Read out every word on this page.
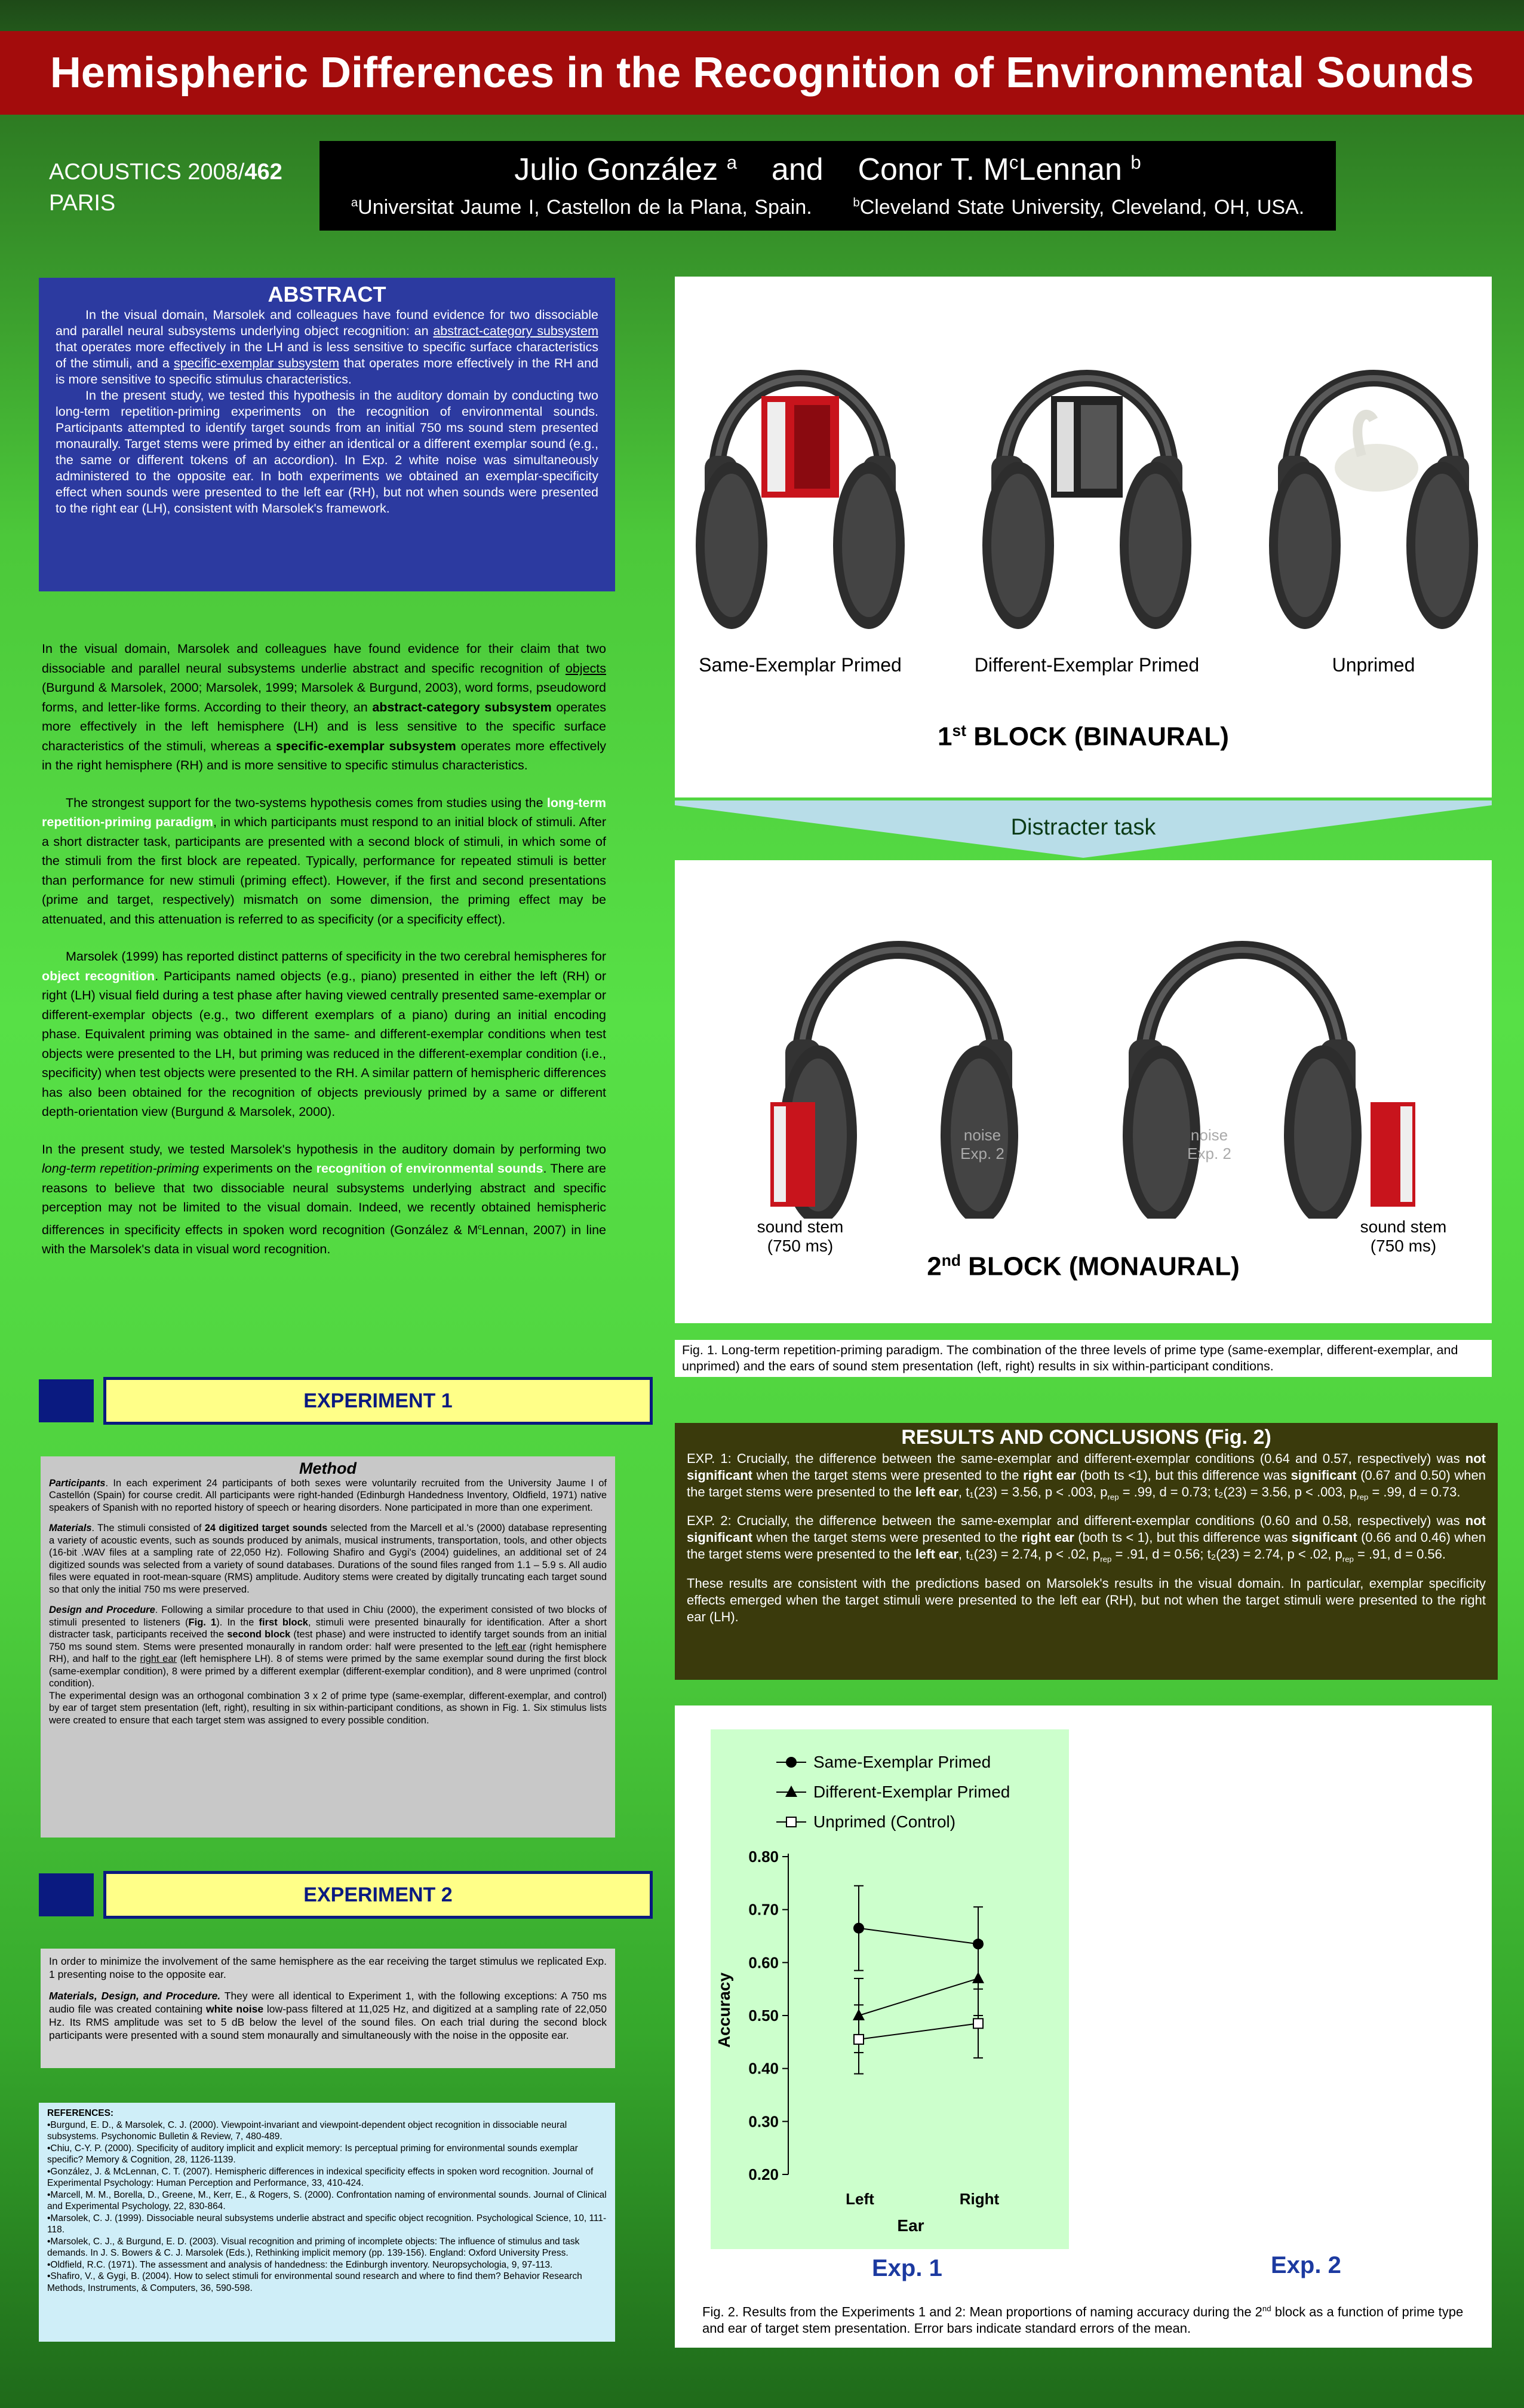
Hemispheric Differences in the Recognition of Environmental Sounds
ACOUSTICS 2008/462
PARIS
Julio González $^a$ and Conor T. $M^cLennan$ $^b$
$^a$Universitat Jaume I, Castellon de la Plana, Spain.	$^b$Cleveland State University, Cleveland, OH, USA.
ABSTRACT

In the visual domain, Marsolek and colleagues have found evidence for two dissociable and parallel neural subsystems underlying object recognition: an abstract-category subsystem that operates more effectively in the LH and is less sensitive to specific surface characteristics of the stimuli, and a specific-exemplar subsystem that operates more effectively in the RH and is more sensitive to specific stimulus characteristics.

In the present study, we tested this hypothesis in the auditory domain by conducting two long-term repetition-priming experiments on the recognition of environmental sounds. Participants attempted to identify target sounds from an initial 750 ms sound stem presented monaurally. Target stems were primed by either an identical or a different exemplar sound (e.g., the same or different tokens of an accordion). In Exp. 2 white noise was simultaneously administered to the opposite ear. In both experiments we obtained an exemplar-specificity effect when sounds were presented to the left ear (RH), but not when sounds were presented to the right ear (LH), consistent with Marsolek's framework.

In the visual domain, Marsolek and colleagues have found evidence for their claim that two dissociable and parallel neural subsystems underlie abstract and specific recognition of objects (Burgund & Marsolek, 2000; Marsolek, 1999; Marsolek & Burgund, 2003), word forms, pseudoword forms, and letter-like forms. According to their theory, an abstract-category subsystem operates more effectively in the left hemisphere (LH) and is less sensitive to the specific surface characteristics of the stimuli, whereas a specific-exemplar subsystem operates more effectively in the right hemisphere (RH) and is more sensitive to specific stimulus characteristics.

The strongest support for the two-systems hypothesis comes from studies using the long-term repetition-priming paradigm, in which participants must respond to an initial block of stimuli. After a short distracter task, participants are presented with a second block of stimuli, in which some of the stimuli from the first block are repeated. Typically, performance for repeated stimuli is better than performance for new stimuli (priming effect). However, if the first and second presentations (prime and target, respectively) mismatch on some dimension, the priming effect may be attenuated, and this attenuation is referred to as specificity (or a specificity effect).

Marsolek (1999) has reported distinct patterns of specificity in the two cerebral hemispheres for object recognition. Participants named objects (e.g., piano) presented in either the left (RH) or right (LH) visual field during a test phase after having viewed centrally presented same-exemplar or different-exemplar objects (e.g., two different exemplars of a piano) during an initial encoding phase. Equivalent priming was obtained in the same- and different-exemplar conditions when test objects were presented to the LH, but priming was reduced in the different-exemplar condition (i.e., specificity) when test objects were presented to the RH. A similar pattern of hemispheric differences has also been obtained for the recognition of objects previously primed by a same or different depth-orientation view (Burgund & Marsolek, 2000).

In the present study, we tested Marsolek's hypothesis in the auditory domain by performing two long-term repetition-priming experiments on the recognition of environmental sounds. There are reasons to believe that two dissociable neural subsystems underlying abstract and specific perception may not be limited to the visual domain. Indeed, we recently obtained hemispheric differences in specificity effects in spoken word recognition (González & $M^cLennan$, 2007) in line with the Marsolek's data in visual word recognition.

EXPERIMENT 1
Method

Participants. In each experiment 24 participants of both sexes were voluntarily recruited from the University Jaume I of Castellón (Spain) for course credit. All participants were right-handed (Edinburgh Handedness Inventory, Oldfield, 1971) native speakers of Spanish with no reported history of speech or hearing disorders. None participated in more than one experiment.

Materials. The stimuli consisted of 24 digitized target sounds selected from the Marcell et al.'s (2000) database representing a variety of acoustic events, such as sounds produced by animals, musical instruments, transportation, tools, and other objects (16-bit .WAV files at a sampling rate of 22,050 Hz). Following Shafiro and Gygi's (2004) guidelines, an additional set of 24 digitized sounds was selected from a variety of sound databases. Durations of the sound files ranged from 1.1 – 5.9 s. All audio files were equated in root-mean-square (RMS) amplitude. Auditory stems were created by digitally truncating each target sound so that only the initial 750 ms were preserved.

Design and Procedure. Following a similar procedure to that used in Chiu (2000), the experiment consisted of two blocks of stimuli presented to listeners (Fig. 1). In the first block, stimuli were presented binaurally for identification. After a short distracter task, participants received the second block (test phase) and were instructed to identify target sounds from an initial 750 ms sound stem. Stems were presented monaurally in random order: half were presented to the left ear (right hemisphere RH), and half to the right ear (left hemisphere LH). 8 of stems were primed by the same exemplar sound during the first block (same-exemplar condition), 8 were primed by a different exemplar (different-exemplar condition), and 8 were unprimed (control condition).

The experimental design was an orthogonal combination 3 x 2 of prime type (same-exemplar, different-exemplar, and control) by ear of target stem presentation (left, right), resulting in six within-participant conditions, as shown in Fig. 1. Six stimulus lists were created to ensure that each target stem was assigned to every possible condition.

EXPERIMENT 2

In order to minimize the involvement of the same hemisphere as the ear receiving the target stimulus we replicated Exp. 1 presenting noise to the opposite ear.

Materials, Design, and Procedure. They were all identical to Experiment 1, with the following exceptions: A 750 ms audio file was created containing white noise low-pass filtered at 11,025 Hz, and digitized at a sampling rate of 22,050 Hz. Its RMS amplitude was set to 5 dB below the level of the sound files. On each trial during the second block participants were presented with a sound stem monaurally and simultaneously with the noise in the opposite ear.

REFERENCES:

•Burgund, E. D., & Marsolek, C. J. (2000). Viewpoint-invariant and viewpoint-dependent object recognition in dissociable neural subsystems. Psychonomic Bulletin & Review, 7, 480-489.

•Chiu, C-Y. P. (2000). Specificity of auditory implicit and explicit memory: Is perceptual priming for environmental sounds exemplar specific? Memory & Cognition, 28, 1126-1139.

•González, J. & McLennan, C. T. (2007). Hemispheric differences in indexical specificity effects in spoken word recognition. Journal of Experimental Psychology: Human Perception and Performance, 33, 410-424.

•Marcell, M. M., Borella, D., Greene, M., Kerr, E., & Rogers, S. (2000). Confrontation naming of environmental sounds. Journal of Clinical and Experimental Psychology, 22, 830-864.

•Marsolek, C. J. (1999). Dissociable neural subsystems underlie abstract and specific object recognition. Psychological Science, 10, 111-118.

•Marsolek, C. J., & Burgund, E. D. (2003). Visual recognition and priming of incomplete objects: The influence of stimulus and task demands. In J. S. Bowers & C. J. Marsolek (Eds.), Rethinking implicit memory (pp. 139-156). England: Oxford University Press.

•Oldfield, R.C. (1971). The assessment and analysis of handedness: the Edinburgh inventory. Neuropsychologia, 9, 97-113.

•Shafiro, V., & Gygi, B. (2004). How to select stimuli for environmental sound research and where to find them? Behavior Research Methods, Instruments, & Computers, 36, 590-598.

Same-Exemplar Primed	Different-Exemplar Primed	Unprimed
1st BLOCK (BINAURAL)
Distracter task
noise
Exp. 2
noise
Exp. 2
sound stem
(750 ms)
sound stem
(750 ms)
2nd BLOCK (MONAURAL)
Fig. 1. Long-term repetition-priming paradigm. The combination of the three levels of prime type (same-exemplar, different-exemplar, and unprimed) and the ears of sound stem presentation (left, right) results in six within-participant conditions.
RESULTS AND CONCLUSIONS (Fig. 2)

EXP. 1: Crucially, the difference between the same-exemplar and different-exemplar conditions (0.64 and 0.57, respectively) was not significant when the target stems were presented to the right ear (both ts <1), but this difference was significant (0.67 and 0.50) when the target stems were presented to the left ear, t₁(23) = 3.56, p < .003, $p_{rep} = .99$, d = 0.73; t₂(23) = 3.56, p < .003, $p_{rep} = .99$, d = 0.73.

EXP. 2: Crucially, the difference between the same-exemplar and different-exemplar conditions (0.60 and 0.58, respectively) was not significant when the target stems were presented to the right ear (both ts < 1), but this difference was significant (0.66 and 0.46) when the target stems were presented to the left ear, t₁(23) = 2.74, p < .02, $p_{rep} = .91$, d = 0.56; t₂(23) = 2.74, p < .02, $p_{rep} = .91$, d = 0.56.

These results are consistent with the predictions based on Marsolek's results in the visual domain. In particular, exemplar specificity effects emerged when the target stimuli were presented to the left ear (RH), but not when the target stimuli were presented to the right ear (LH).

0.80
0.70
0.60
0.50
0.40
0.30
0.20
Left	Right
Ear
Accuracy
Same-Exemplar Primed
Different-Exemplar Primed
Unprimed (Control)
Exp. 1	Exp. 2
Fig. 2. Results from the Experiments 1 and 2: Mean proportions of naming accuracy during the 2nd block as a function of prime type and ear of target stem presentation. Error bars indicate standard errors of the mean.
